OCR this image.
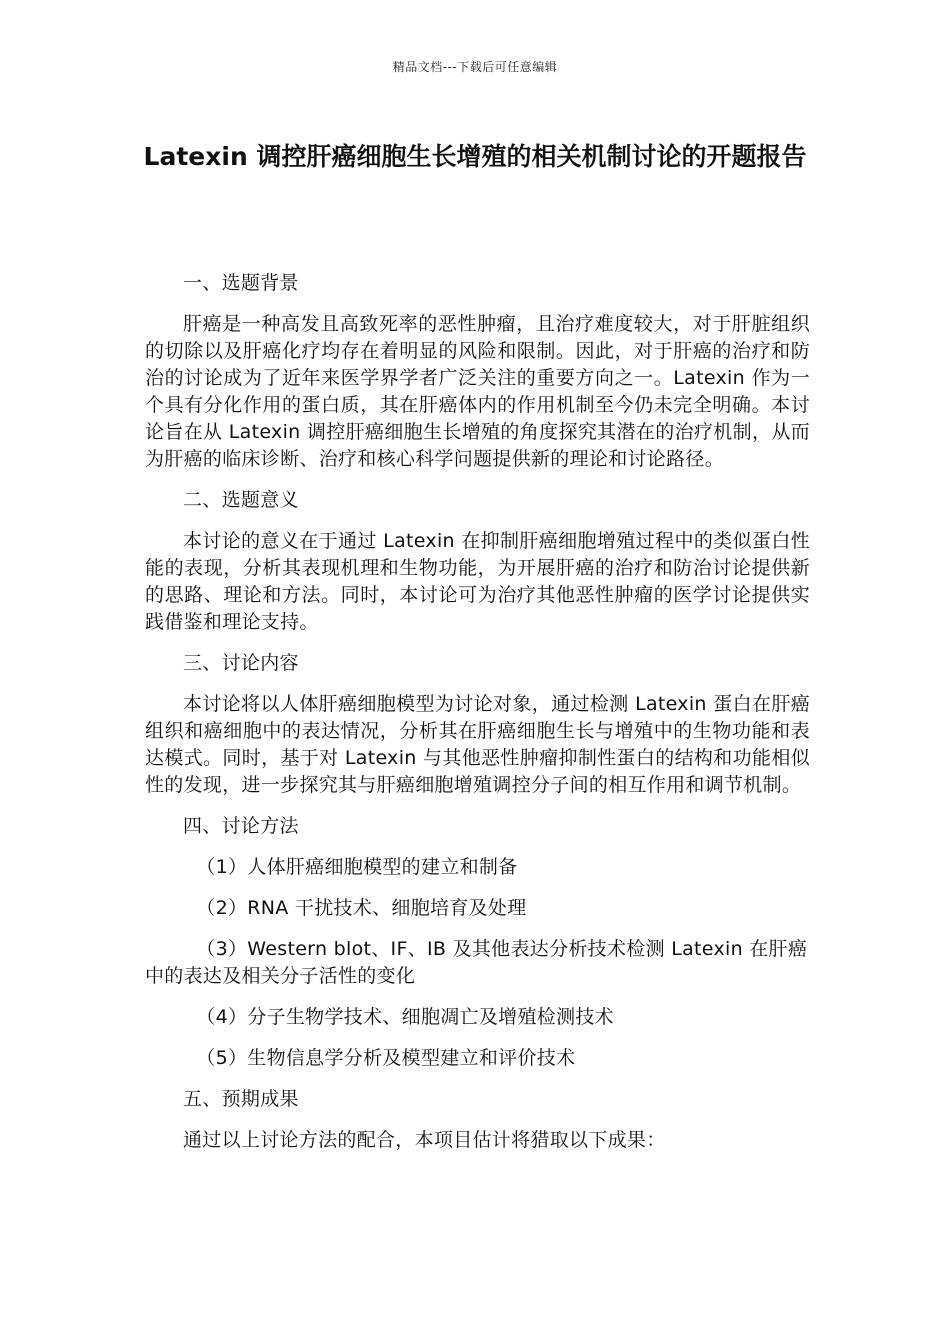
精品文档---下载后可任意编辑
Latexin 调控肝癌细胞生长增殖的相关机制讨论的开题报告

一、选题背景

肝癌是一种高发且高致死率的恶性肿瘤，且治疗难度较大，对于肝脏组织的切除以及肝癌化疗均存在着明显的风险和限制。因此，对于肝癌的治疗和防治的讨论成为了近年来医学界学者广泛关注的重要方向之一。Latexin 作为一个具有分化作用的蛋白质，其在肝癌体内的作用机制至今仍未完全明确。本讨论旨在从 Latexin 调控肝癌细胞生长增殖的角度探究其潜在的治疗机制，从而为肝癌的临床诊断、治疗和核心科学问题提供新的理论和讨论路径。

二、选题意义

本讨论的意义在于通过 Latexin 在抑制肝癌细胞增殖过程中的类似蛋白性能的表现，分析其表现机理和生物功能，为开展肝癌的治疗和防治讨论提供新的思路、理论和方法。同时，本讨论可为治疗其他恶性肿瘤的医学讨论提供实践借鉴和理论支持。

三、讨论内容

本讨论将以人体肝癌细胞模型为讨论对象，通过检测 Latexin 蛋白在肝癌组织和癌细胞中的表达情况，分析其在肝癌细胞生长与增殖中的生物功能和表达模式。同时，基于对 Latexin 与其他恶性肿瘤抑制性蛋白的结构和功能相似性的发现，进一步探究其与肝癌细胞增殖调控分子间的相互作用和调节机制。

四、讨论方法

（1）人体肝癌细胞模型的建立和制备

（2）RNA 干扰技术、细胞培育及处理

（3）Western blot、IF、IB 及其他表达分析技术检测 Latexin 在肝癌中的表达及相关分子活性的变化

（4）分子生物学技术、细胞凋亡及增殖检测技术

（5）生物信息学分析及模型建立和评价技术

五、预期成果

通过以上讨论方法的配合，本项目估计将猎取以下成果：
